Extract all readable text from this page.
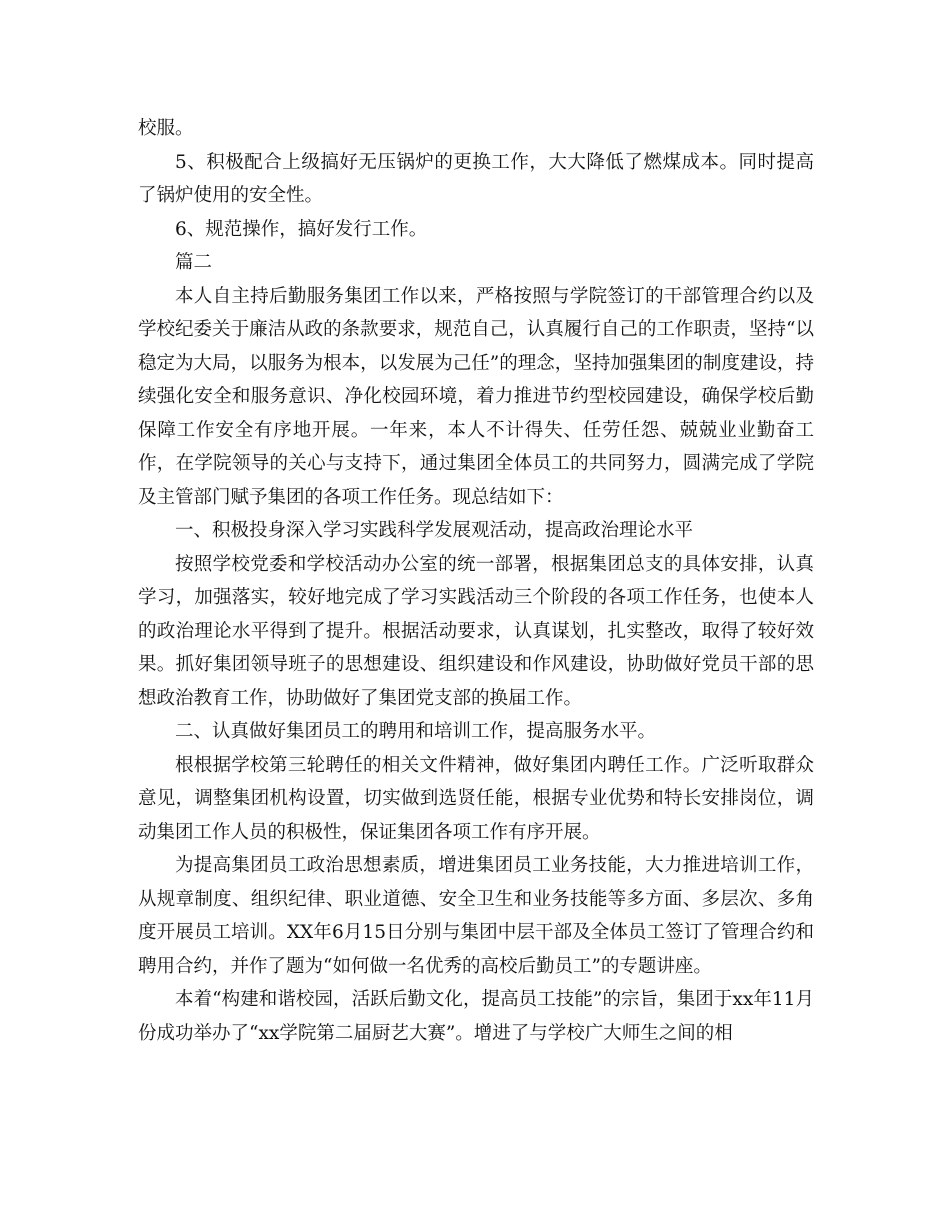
校服。

5、积极配合上级搞好无压锅炉的更换工作，大大降低了燃煤成本。同时提高了锅炉使用的安全性。

6、规范操作，搞好发行工作。

篇二

本人自主持后勤服务集团工作以来，严格按照与学院签订的干部管理合约以及学校纪委关于廉洁从政的条款要求，规范自己，认真履行自己的工作职责，坚持“以稳定为大局，以服务为根本，以发展为己任”的理念，坚持加强集团的制度建设，持续强化安全和服务意识、净化校园环境，着力推进节约型校园建设，确保学校后勤保障工作安全有序地开展。一年来，本人不计得失、任劳任怨、兢兢业业勤奋工作，在学院领导的关心与支持下，通过集团全体员工的共同努力，圆满完成了学院及主管部门赋予集团的各项工作任务。现总结如下：

一、积极投身深入学习实践科学发展观活动，提高政治理论水平

按照学校党委和学校活动办公室的统一部署，根据集团总支的具体安排，认真学习，加强落实，较好地完成了学习实践活动三个阶段的各项工作任务，也使本人的政治理论水平得到了提升。根据活动要求，认真谋划，扎实整改，取得了较好效果。抓好集团领导班子的思想建设、组织建设和作风建设，协助做好党员干部的思想政治教育工作，协助做好了集团党支部的换届工作。

二、认真做好集团员工的聘用和培训工作，提高服务水平。

根根据学校第三轮聘任的相关文件精神，做好集团内聘任工作。广泛听取群众意见，调整集团机构设置，切实做到选贤任能，根据专业优势和特长安排岗位，调动集团工作人员的积极性，保证集团各项工作有序开展。

为提高集团员工政治思想素质，增进集团员工业务技能，大力推进培训工作，从规章制度、组织纪律、职业道德、安全卫生和业务技能等多方面、多层次、多角度开展员工培训。XX年6月15日分别与集团中层干部及全体员工签订了管理合约和聘用合约，并作了题为“如何做一名优秀的高校后勤员工”的专题讲座。

本着“构建和谐校园，活跃后勤文化，提高员工技能”的宗旨，集团于xx年11月份成功举办了“xx学院第二届厨艺大赛”。增进了与学校广大师生之间的相
